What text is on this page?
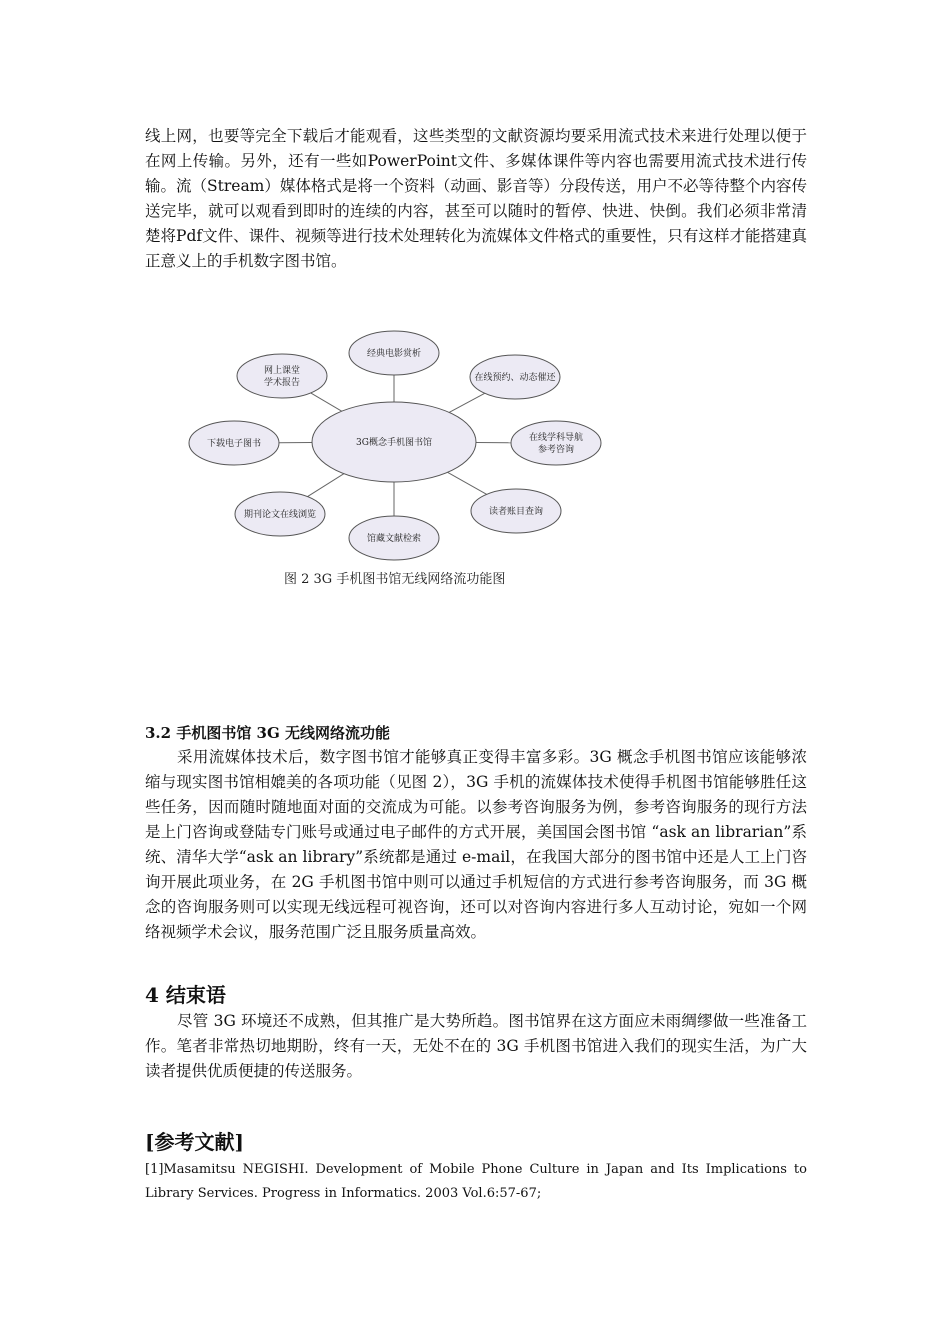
线上网，也要等完全下载后才能观看，这些类型的文献资源均要采用流式技术来进行处理以便于在网上传输。另外，还有一些如PowerPoint文件、多媒体课件等内容也需要用流式技术进行传输。流（Stream）媒体格式是将一个资料（动画、影音等）分段传送，用户不必等待整个内容传送完毕，就可以观看到即时的连续的内容，甚至可以随时的暂停、快进、快倒。我们必须非常清楚将Pdf文件、课件、视频等进行技术处理转化为流媒体文件格式的重要性，只有这样才能搭建真正意义上的手机数字图书馆。

3G概念手机图书馆
经典电影赏析
在线预约、动态催还
在线学科导航
参考咨询
读者账目查询
馆藏文献检索
期刊论文在线浏览
下载电子图书
网上课堂
学术报告

图 2 3G 手机图书馆无线网络流功能图

3.2 手机图书馆 3G 无线网络流功能

采用流媒体技术后，数字图书馆才能够真正变得丰富多彩。3G 概念手机图书馆应该能够浓缩与现实图书馆相媲美的各项功能（见图 2），3G 手机的流媒体技术使得手机图书馆能够胜任这些任务，因而随时随地面对面的交流成为可能。以参考咨询服务为例，参考咨询服务的现行方法是上门咨询或登陆专门账号或通过电子邮件的方式开展，美国国会图书馆 “ask an librarian”系统、清华大学“ask an library”系统都是通过 e-mail，在我国大部分的图书馆中还是人工上门咨询开展此项业务，在 2G 手机图书馆中则可以通过手机短信的方式进行参考咨询服务，而 3G 概念的咨询服务则可以实现无线远程可视咨询，还可以对咨询内容进行多人互动讨论，宛如一个网络视频学术会议，服务范围广泛且服务质量高效。

4 结束语

尽管 3G 环境还不成熟，但其推广是大势所趋。图书馆界在这方面应未雨绸缪做一些准备工作。笔者非常热切地期盼，终有一天，无处不在的 3G 手机图书馆进入我们的现实生活，为广大读者提供优质便捷的传送服务。

[参考文献]

[1]Masamitsu NEGISHI. Development of Mobile Phone Culture in Japan and Its Implications to Library Services. Progress in Informatics. 2003 Vol.6:57-67;
